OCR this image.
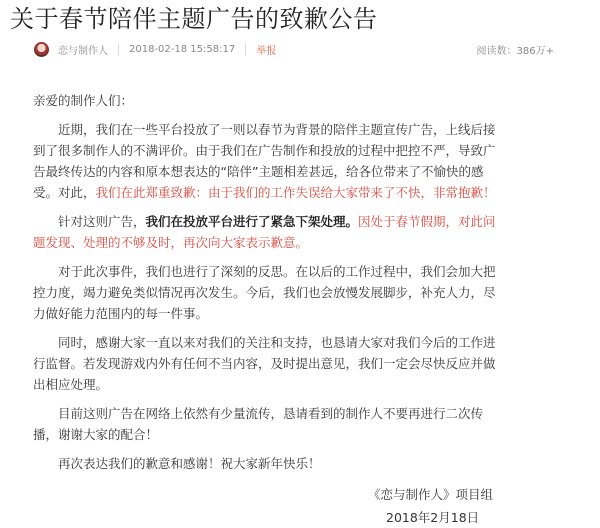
关于春节陪伴主题广告的致歉公告
恋与制作人 2018-02-18 15:58:17 举报	阅读数：386万+

亲爱的制作人们：

近期，我们在一些平台投放了一则以春节为背景的陪伴主题宣传广告，上线后接到了很多制作人的不满评价。由于我们在广告制作和投放的过程中把控不严，导致广告最终传达的内容和原本想表达的“陪伴”主题相差甚远，给各位带来了不愉快的感受。对此，我们在此郑重致歉：由于我们的工作失误给大家带来了不快，非常抱歉！

针对这则广告，我们在投放平台进行了紧急下架处理。因处于春节假期，对此问题发现、处理的不够及时，再次向大家表示歉意。

对于此次事件，我们也进行了深刻的反思。在以后的工作过程中，我们会加大把控力度，竭力避免类似情况再次发生。今后，我们也会放慢发展脚步，补充人力，尽力做好能力范围内的每一件事。

同时，感谢大家一直以来对我们的关注和支持，也恳请大家对我们今后的工作进行监督。若发现游戏内外有任何不当内容，及时提出意见，我们一定会尽快反应并做出相应处理。

目前这则广告在网络上依然有少量流传，恳请看到的制作人不要再进行二次传播，谢谢大家的配合！

再次表达我们的歉意和感谢！祝大家新年快乐！

《恋与制作人》项目组
2018年2月18日
